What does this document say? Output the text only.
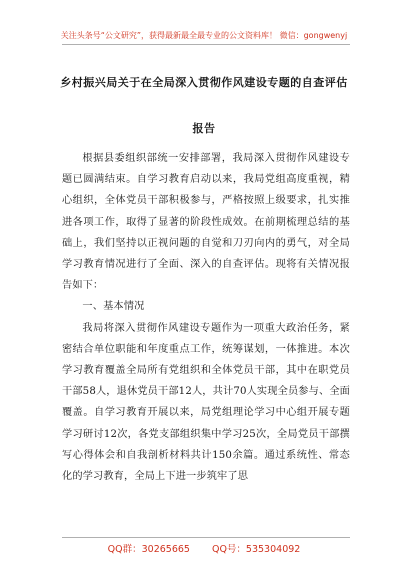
关注头条号“公文研究”，获得最新最全最专业的公文资料库！ 微信：gongwenyj
乡村振兴局关于在全局深入贯彻作风建设专题的自查评估
报告

根据县委组织部统一安排部署，我局深入贯彻作风建设专题已圆满结束。自学习教育启动以来，我局党组高度重视，精心组织，全体党员干部积极参与，严格按照上级要求，扎实推进各项工作，取得了显著的阶段性成效。在前期梳理总结的基础上，我们坚持以正视问题的自觉和刀刃向内的勇气，对全局学习教育情况进行了全面、深入的自查评估。现将有关情况报告如下：

一、基本情况

我局将深入贯彻作风建设专题作为一项重大政治任务，紧密结合单位职能和年度重点工作，统筹谋划，一体推进。本次学习教育覆盖全局所有党组织和全体党员干部，其中在职党员干部58人，退休党员干部12人，共计70人实现全员参与、全面覆盖。自学习教育开展以来，局党组理论学习中心组开展专题学习研讨12次，各党支部组织集中学习25次，全局党员干部撰写心得体会和自我剖析材料共计150余篇。通过系统性、常态化的学习教育，全局上下进一步筑牢了思

QQ群：30265665 QQ号：535304092
